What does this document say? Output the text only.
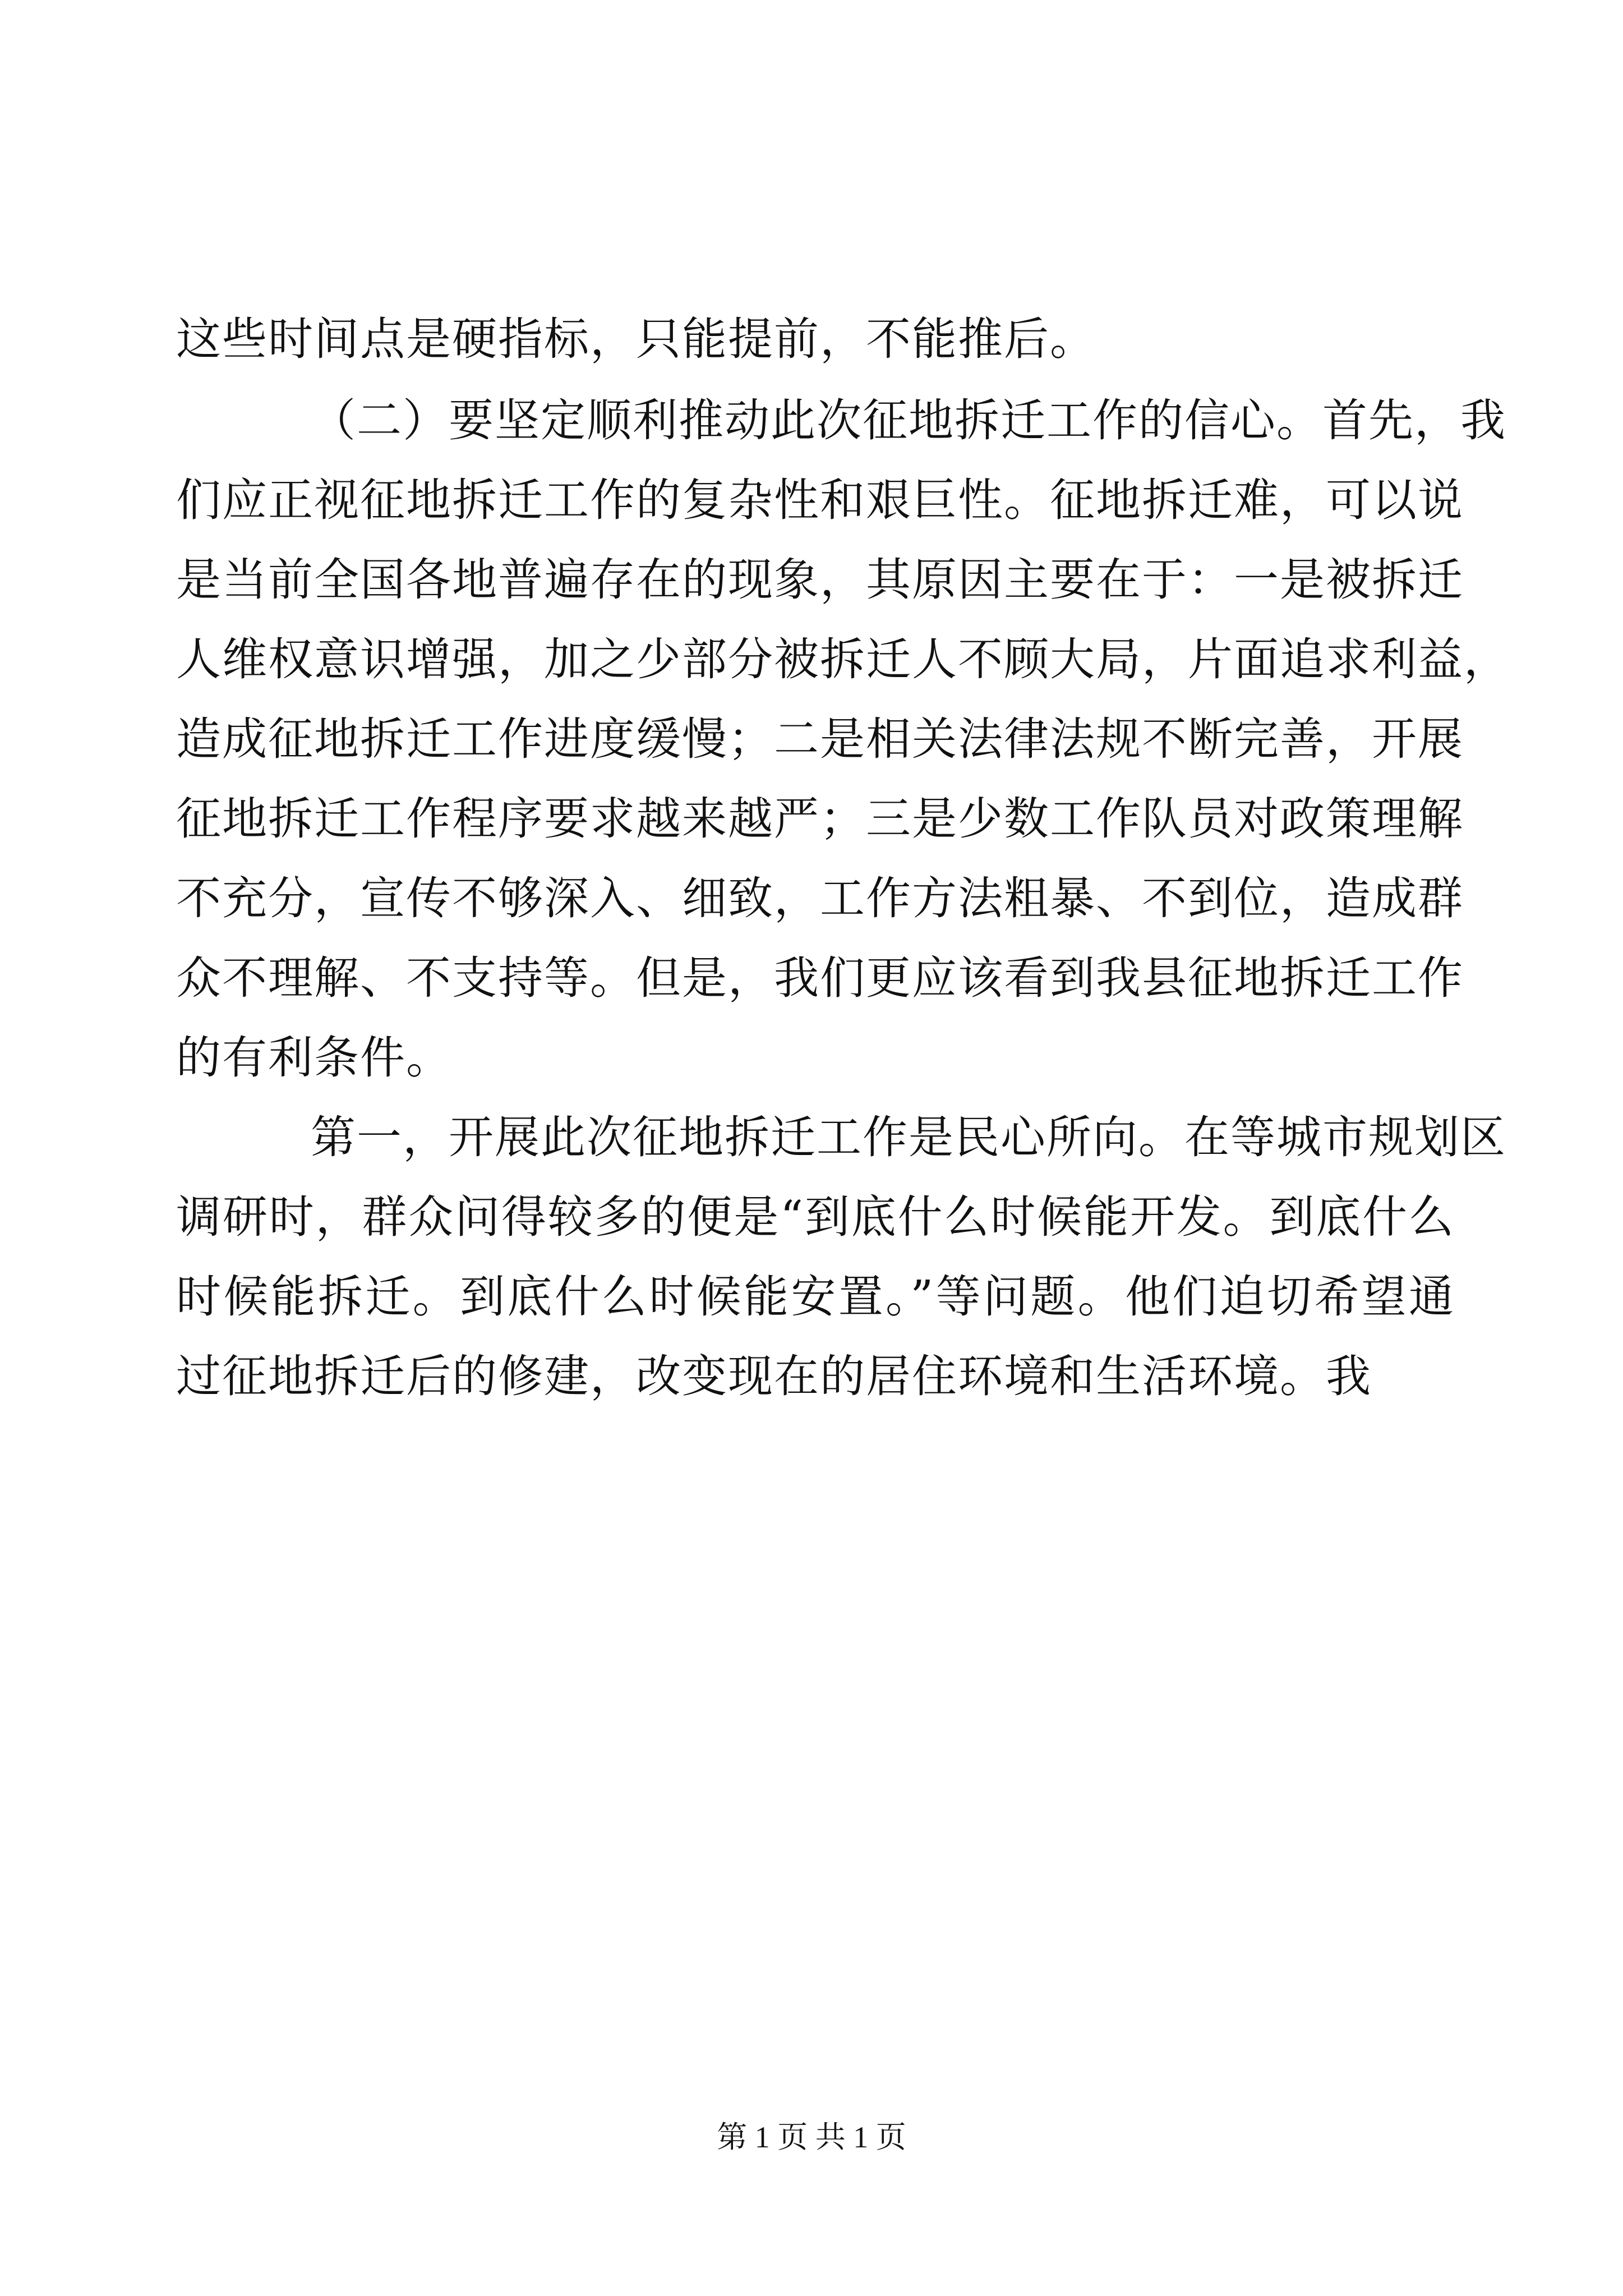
这些时间点是硬指标，只能提前，不能推后。
（二）要坚定顺利推动此次征地拆迁工作的信心。首先，我
们应正视征地拆迁工作的复杂性和艰巨性。征地拆迁难，可以说
是当前全国各地普遍存在的现象，其原因主要在于：一是被拆迁
人维权意识增强，加之少部分被拆迁人不顾大局，片面追求利益，
造成征地拆迁工作进度缓慢；二是相关法律法规不断完善，开展
征地拆迁工作程序要求越来越严；三是少数工作队员对政策理解
不充分，宣传不够深入、细致，工作方法粗暴、不到位，造成群
众不理解、不支持等。但是，我们更应该看到我县征地拆迁工作
的有利条件。
第一，开展此次征地拆迁工作是民心所向。在等城市规划区
调研时，群众问得较多的便是“到底什么时候能开发。到底什么
时候能拆迁。到底什么时候能安置。”等问题。他们迫切希望通
过征地拆迁后的修建，改变现在的居住环境和生活环境。我
第 1 页 共 1 页
